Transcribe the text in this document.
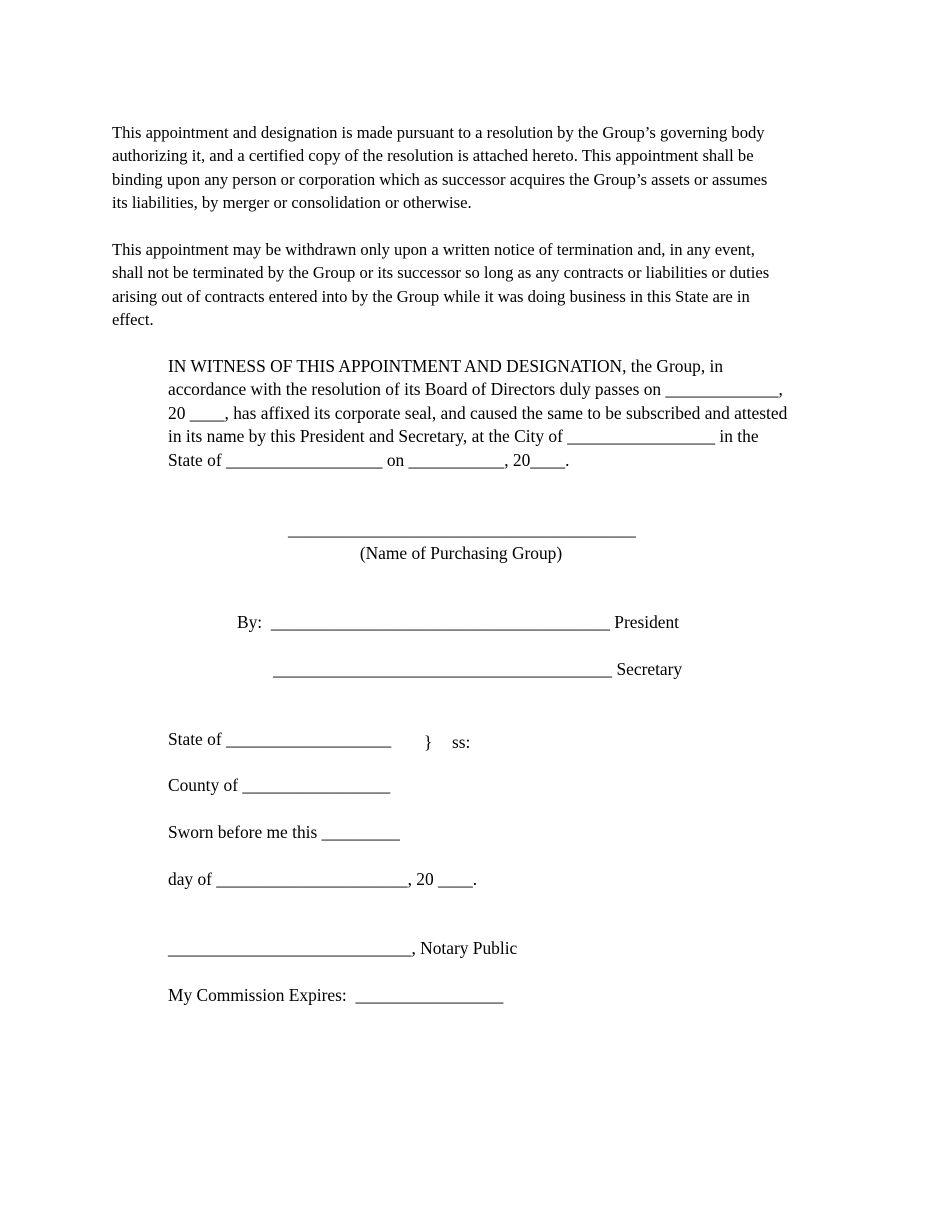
This appointment and designation is made pursuant to a resolution by the Group’s governing body
authorizing it, and a certified copy of the resolution is attached hereto. This appointment shall be
binding upon any person or corporation which as successor acquires the Group’s assets or assumes
its liabilities, by merger or consolidation or otherwise.
This appointment may be withdrawn only upon a written notice of termination and, in any event,
shall not be terminated by the Group or its successor so long as any contracts or liabilities or duties
arising out of contracts entered into by the Group while it was doing business in this State are in
effect.
IN WITNESS OF THIS APPOINTMENT AND DESIGNATION, the Group, in
accordance with the resolution of its Board of Directors duly passes on _____________,
20 ____, has affixed its corporate seal, and caused the same to be subscribed and attested
in its name by this President and Secretary, at the City of _________________ in the
State of __________________ on ___________, 20____.
________________________________________
(Name of Purchasing Group)
By:  _______________________________________ President
_______________________________________ Secretary
State of ___________________ } ss:
County of _________________
Sworn before me this _________
day of ______________________, 20 ____.
____________________________, Notary Public
My Commission Expires:  _________________
